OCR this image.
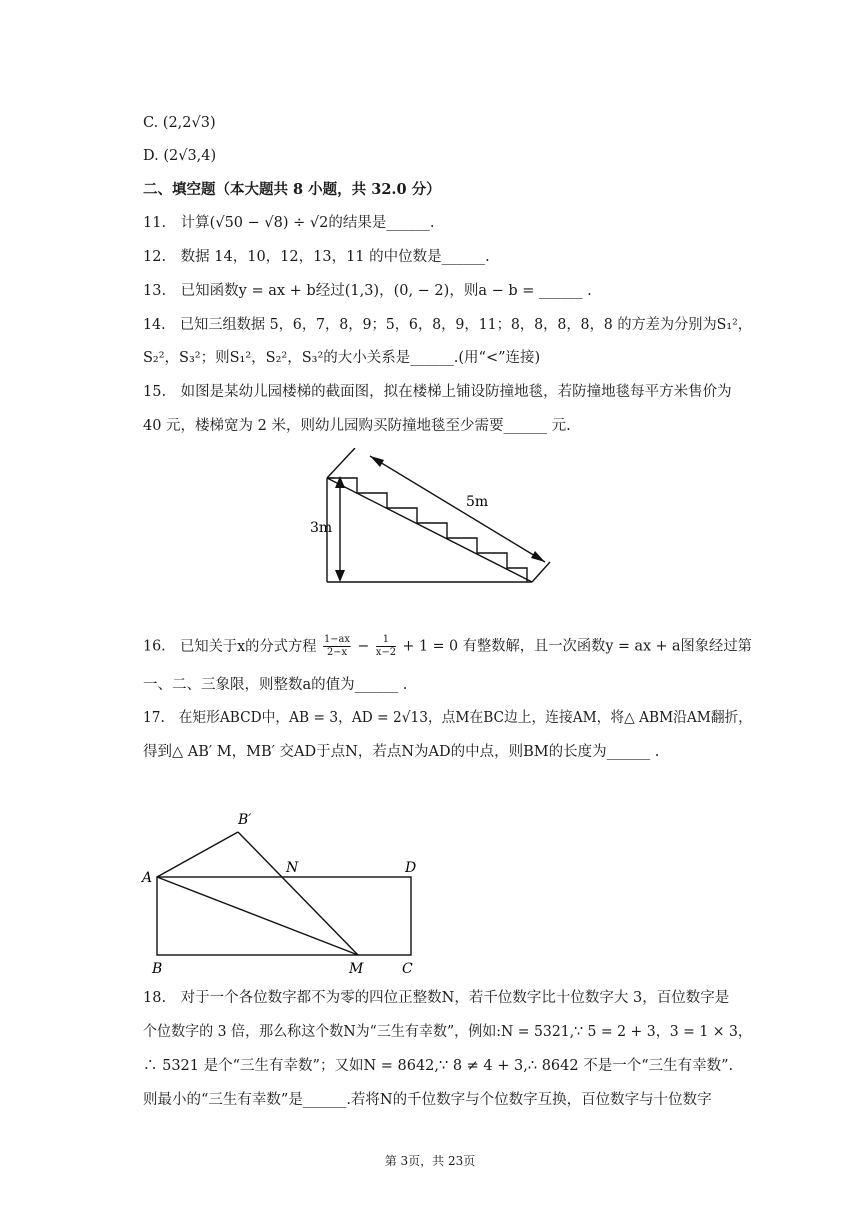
C. (2,2√3)
D. (2√3,4)
二、填空题（本大题共 8 小题，共 32.0 分）
11. 计算(√50 − √8) ÷ √2的结果是______.
12. 数据 14，10，12，13，11 的中位数是______.
13. 已知函数y = ax + b经过(1,3)，(0, − 2)，则a − b = ______ .
14. 已知三组数据 5，6，7，8，9；5，6，8，9，11；8，8，8，8，8 的方差为分别为S₁²，
S₂²，S₃²；则S₁²，S₂²，S₃²的大小关系是______.(用“<”连接)
15. 如图是某幼儿园楼梯的截面图，拟在楼梯上铺设防撞地毯，若防撞地毯每平方米售价为
40 元，楼梯宽为 2 米，则幼儿园购买防撞地毯至少需要______ 元.
3m
5m
16. 已知关于x的分式方程 $\frac{1-ax}{2-x} - \frac{1}{x-2} + 1 = 0$ 有整数解，且一次函数y = ax + a图象经过第
一、二、三象限，则整数a的值为______ .
17. 在矩形ABCD中，AB = 3，AD = 2√13，点M在BC边上，连接AM，将△ ABM沿AM翻折，
得到△ AB′ M，MB′ 交AD于点N，若点N为AD的中点，则BM的长度为______ .
A
B	C
D
M
N
B′
18. 对于一个各位数字都不为零的四位正整数N，若千位数字比十位数字大 3，百位数字是
个位数字的 3 倍，那么称这个数N为“三生有幸数”，例如:N = 5321,∵ 5 = 2 + 3，3 = 1 × 3，
∴ 5321 是个“三生有幸数”；又如N = 8642,∵ 8 ≠ 4 + 3,∴ 8642 不是一个“三生有幸数”.
则最小的“三生有幸数”是______.若将N的千位数字与个位数字互换，百位数字与十位数字
第 3页，共 23页
